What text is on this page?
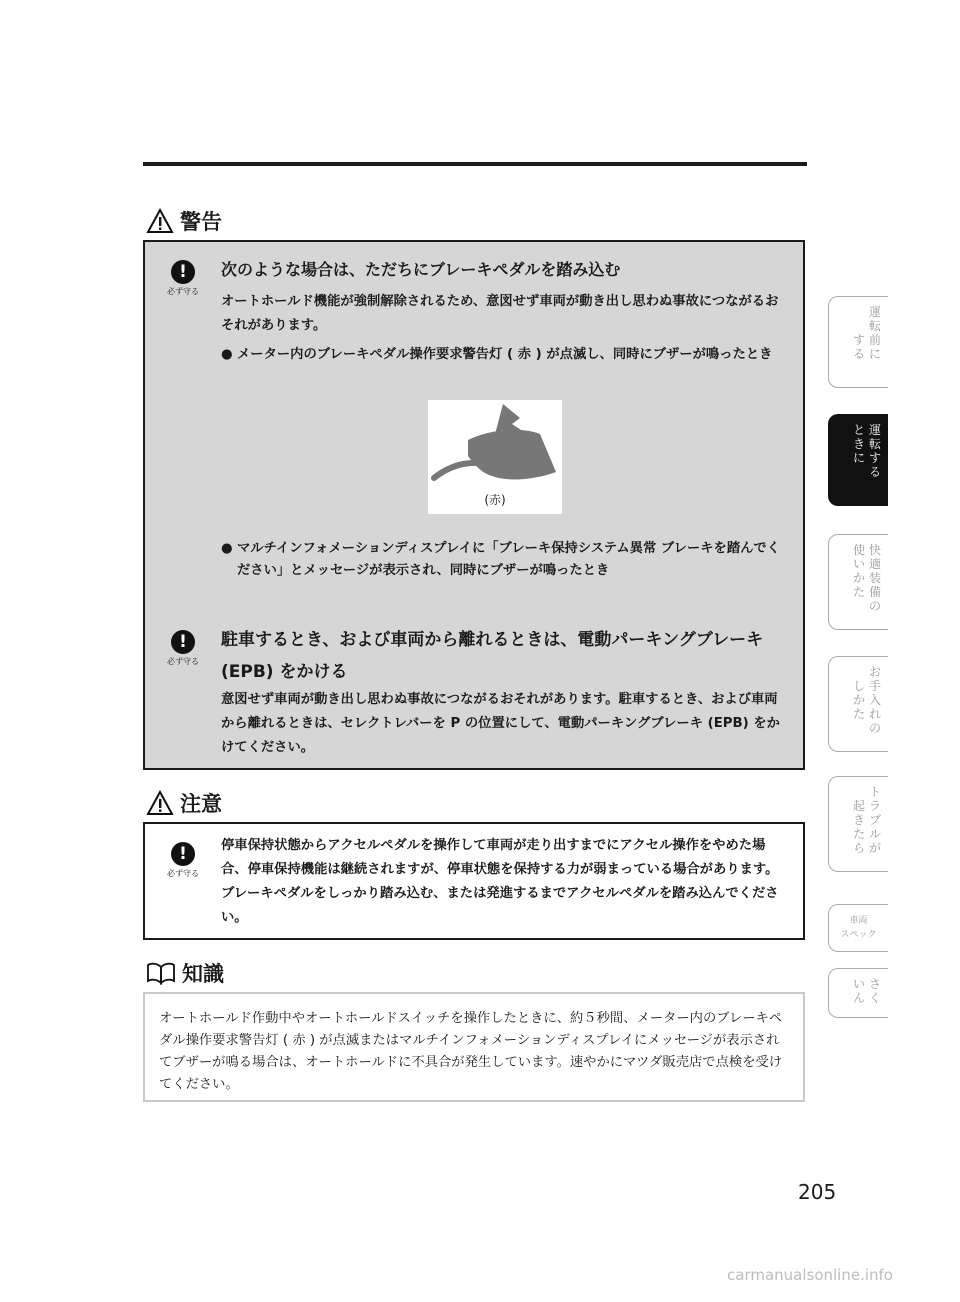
警告
!
必ず守る
次のような場合は、ただちにブレーキペダルを踏み込む
オートホールド機能が強制解除されるため、意図せず車両が動き出し思わぬ事故につながるおそれがあります。
● メーター内のブレーキペダル操作要求警告灯 ( 赤 ) が点滅し、同時にブザーが鳴ったとき
(赤)
● マルチインフォメーションディスプレイに「ブレーキ保持システム異常 ブレーキを踏んでください」とメッセージが表示され、同時にブザーが鳴ったとき
!
必ず守る
駐車するとき、および車両から離れるときは、電動パーキングブレーキ (EPB) をかける
意図せず車両が動き出し思わぬ事故につながるおそれがあります。駐車するとき、および車両から離れるときは、セレクトレバーを P の位置にして、電動パーキングブレーキ (EPB) をかけてください。
注意
!
必ず守る
停車保持状態からアクセルペダルを操作して車両が走り出すまでにアクセル操作をやめた場合、停車保持機能は継続されますが、停車状態を保持する力が弱まっている場合があります。ブレーキペダルをしっかり踏み込む、または発進するまでアクセルペダルを踏み込んでください。
知識
オートホールド作動中やオートホールドスイッチを操作したときに、約５秒間、メーター内のブレーキペダル操作要求警告灯 ( 赤 ) が点滅またはマルチインフォメーションディスプレイにメッセージが表示されてブザーが鳴る場合は、オートホールドに不具合が発生しています。速やかにマツダ販売店で点検を受けてください。
運
転
前
に
す
る
運
転
す
る
と
き
に
快
適
装
備
の
使
い
か
た
お
手
入
れ
の
し
か
た
ト
ラ
ブ
ル
が
起
き
た
ら
車両
スペック
さ
く
い
ん
205
carmanualsonline.info
